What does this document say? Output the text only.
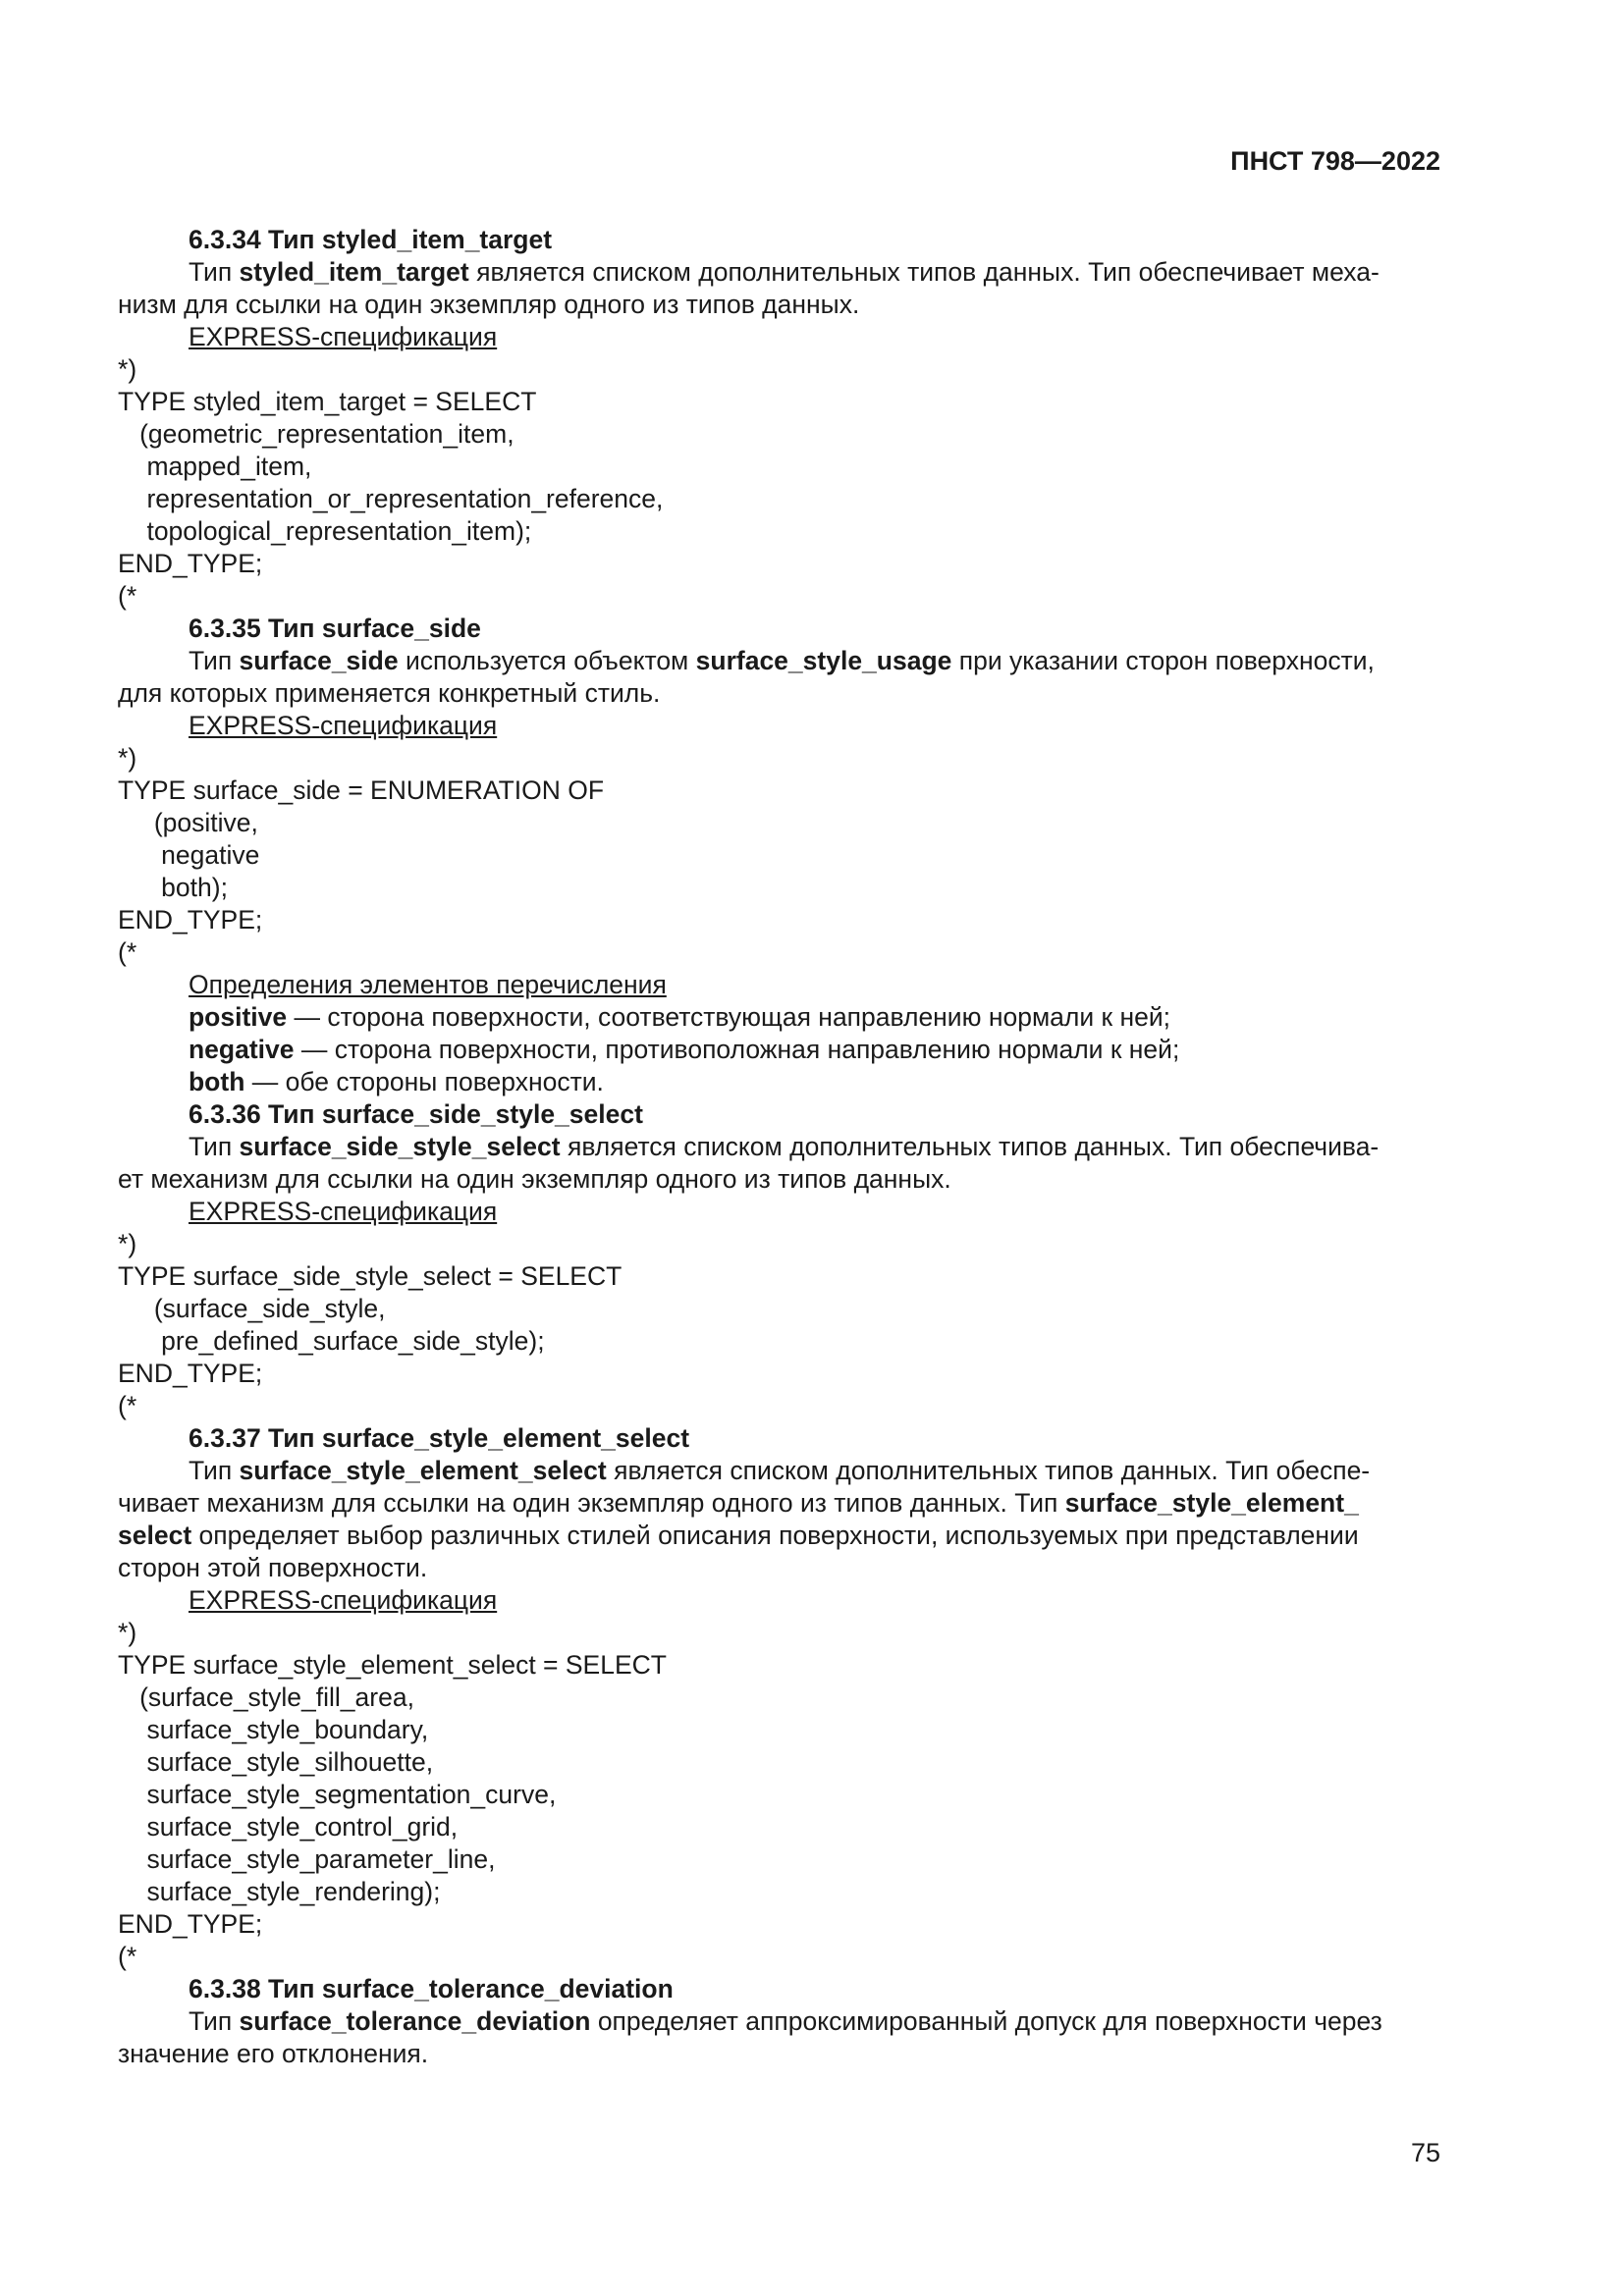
ПНСТ 798—2022
6.3.34 Тип styled_item_target
Тип styled_item_target является списком дополнительных типов данных. Тип обеспечивает меха-
низм для ссылки на один экземпляр одного из типов данных.
EXPRESS-спецификация
*)
TYPE styled_item_target = SELECT
(geometric_representation_item,
mapped_item,
representation_or_representation_reference,
topological_representation_item);
END_TYPE;
(*
6.3.35 Тип surface_side
Тип surface_side используется объектом surface_style_usage при указании сторон поверхности,
для которых применяется конкретный стиль.
EXPRESS-спецификация
*)
TYPE surface_side = ENUMERATION OF
(positive,
negative
both);
END_TYPE;
(*
Определения элементов перечисления
positive — сторона поверхности, соответствующая направлению нормали к ней;
negative — сторона поверхности, противоположная направлению нормали к ней;
both — обе стороны поверхности.
6.3.36 Тип surface_side_style_select
Тип surface_side_style_select является списком дополнительных типов данных. Тип обеспечива-
ет механизм для ссылки на один экземпляр одного из типов данных.
EXPRESS-спецификация
*)
TYPE surface_side_style_select = SELECT
(surface_side_style,
pre_defined_surface_side_style);
END_TYPE;
(*
6.3.37 Тип surface_style_element_select
Тип surface_style_element_select является списком дополнительных типов данных. Тип обеспе-
чивает механизм для ссылки на один экземпляр одного из типов данных. Тип surface_style_element_
select определяет выбор различных стилей описания поверхности, используемых при представлении
сторон этой поверхности.
EXPRESS-спецификация
*)
TYPE surface_style_element_select = SELECT
(surface_style_fill_area,
surface_style_boundary,
surface_style_silhouette,
surface_style_segmentation_curve,
surface_style_control_grid,
surface_style_parameter_line,
surface_style_rendering);
END_TYPE;
(*
6.3.38 Тип surface_tolerance_deviation
Тип surface_tolerance_deviation определяет аппроксимированный допуск для поверхности через
значение его отклонения.
75
